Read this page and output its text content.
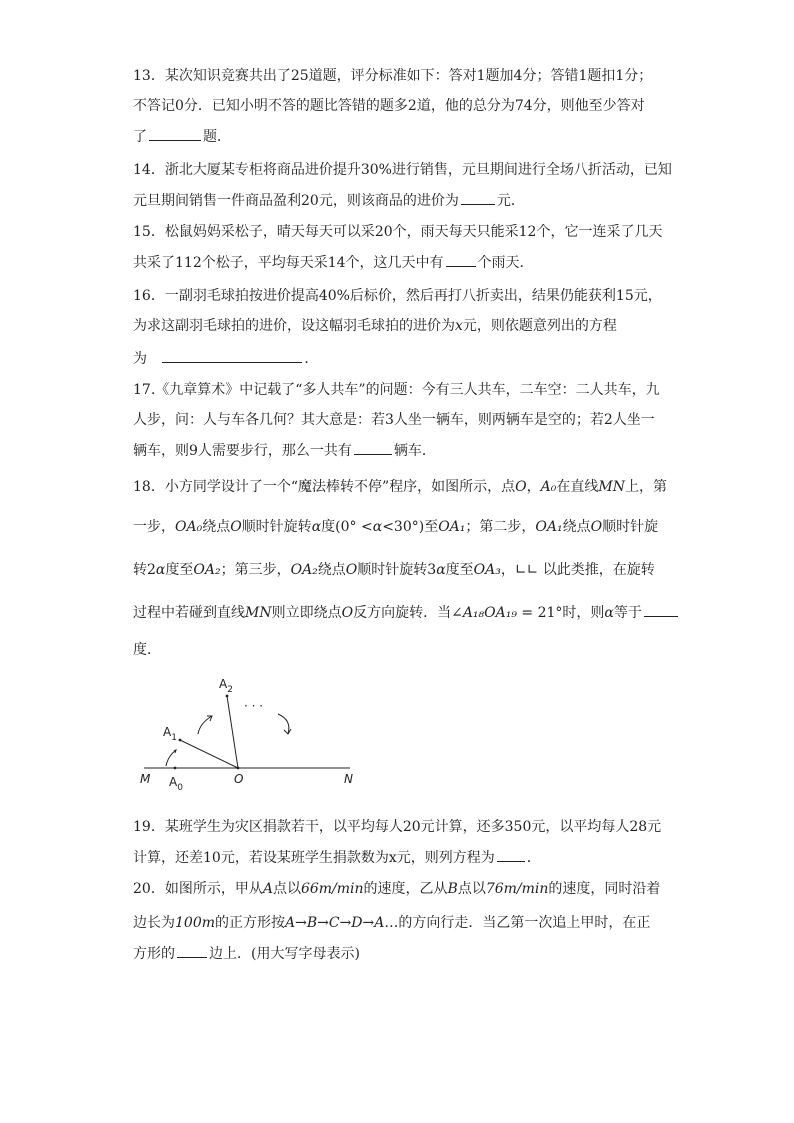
13．某次知识竞赛共出了25道题，评分标准如下：答对1题加4分；答错1题扣1分；
不答记0分．已知小明不答的题比答错的题多2道，他的总分为74分，则他至少答对
了	题．
14．浙北大厦某专柜将商品进价提升30%进行销售，元旦期间进行全场八折活动，已知
元旦期间销售一件商品盈利20元，则该商品的进价为	元．
15．松鼠妈妈采松子，晴天每天可以采20个，雨天每天只能采12个，它一连采了几天
共采了112个松子，平均每天采14个，这几天中有 个雨天．
16．一副羽毛球拍按进价提高40%后标价，然后再打八折卖出，结果仍能获利15元，
为求这副羽毛球拍的进价，设这幅羽毛球拍的进价为x元，则依题意列出的方程
为	．
17.《九章算术》中记载了“多人共车”的问题：今有三人共车，二车空：二人共车，九
人步，问：人与车各几何？其大意是：若3人坐一辆车，则两辆车是空的；若2人坐一
辆车，则9人需要步行，那么一共有	辆车．
18．小方同学设计了一个“魔法棒转不停”程序，如图所示，点O，A₀在直线MN上，第
一步，OA₀绕点O顺时针旋转α度(0° <α<30°)至OA₁；第二步，OA₁绕点O顺时针旋
转2α度至OA₂；第三步，OA₂绕点O顺时针旋转3α度至OA₃，∟∟ 以此类推，在旋转
过程中若碰到直线MN则立即绕点O反方向旋转．当∠A₁₈OA₁₉ = 21°时，则α等于
度．
· · ·
$A_2$
$A_1$
M $A_0$
O	N
19．某班学生为灾区捐款若干，以平均每人20元计算，还多350元，以平均每人28元
计算，还差10元，若设某班学生捐款数为x元，则列方程为 ．
20．如图所示，甲从A点以66m/min的速度，乙从B点以76m/min的速度，同时沿着
边长为100m的正方形按A→B→C→D→A…的方向行走．当乙第一次追上甲时，在正
方形的 边上．(用大写字母表示)
